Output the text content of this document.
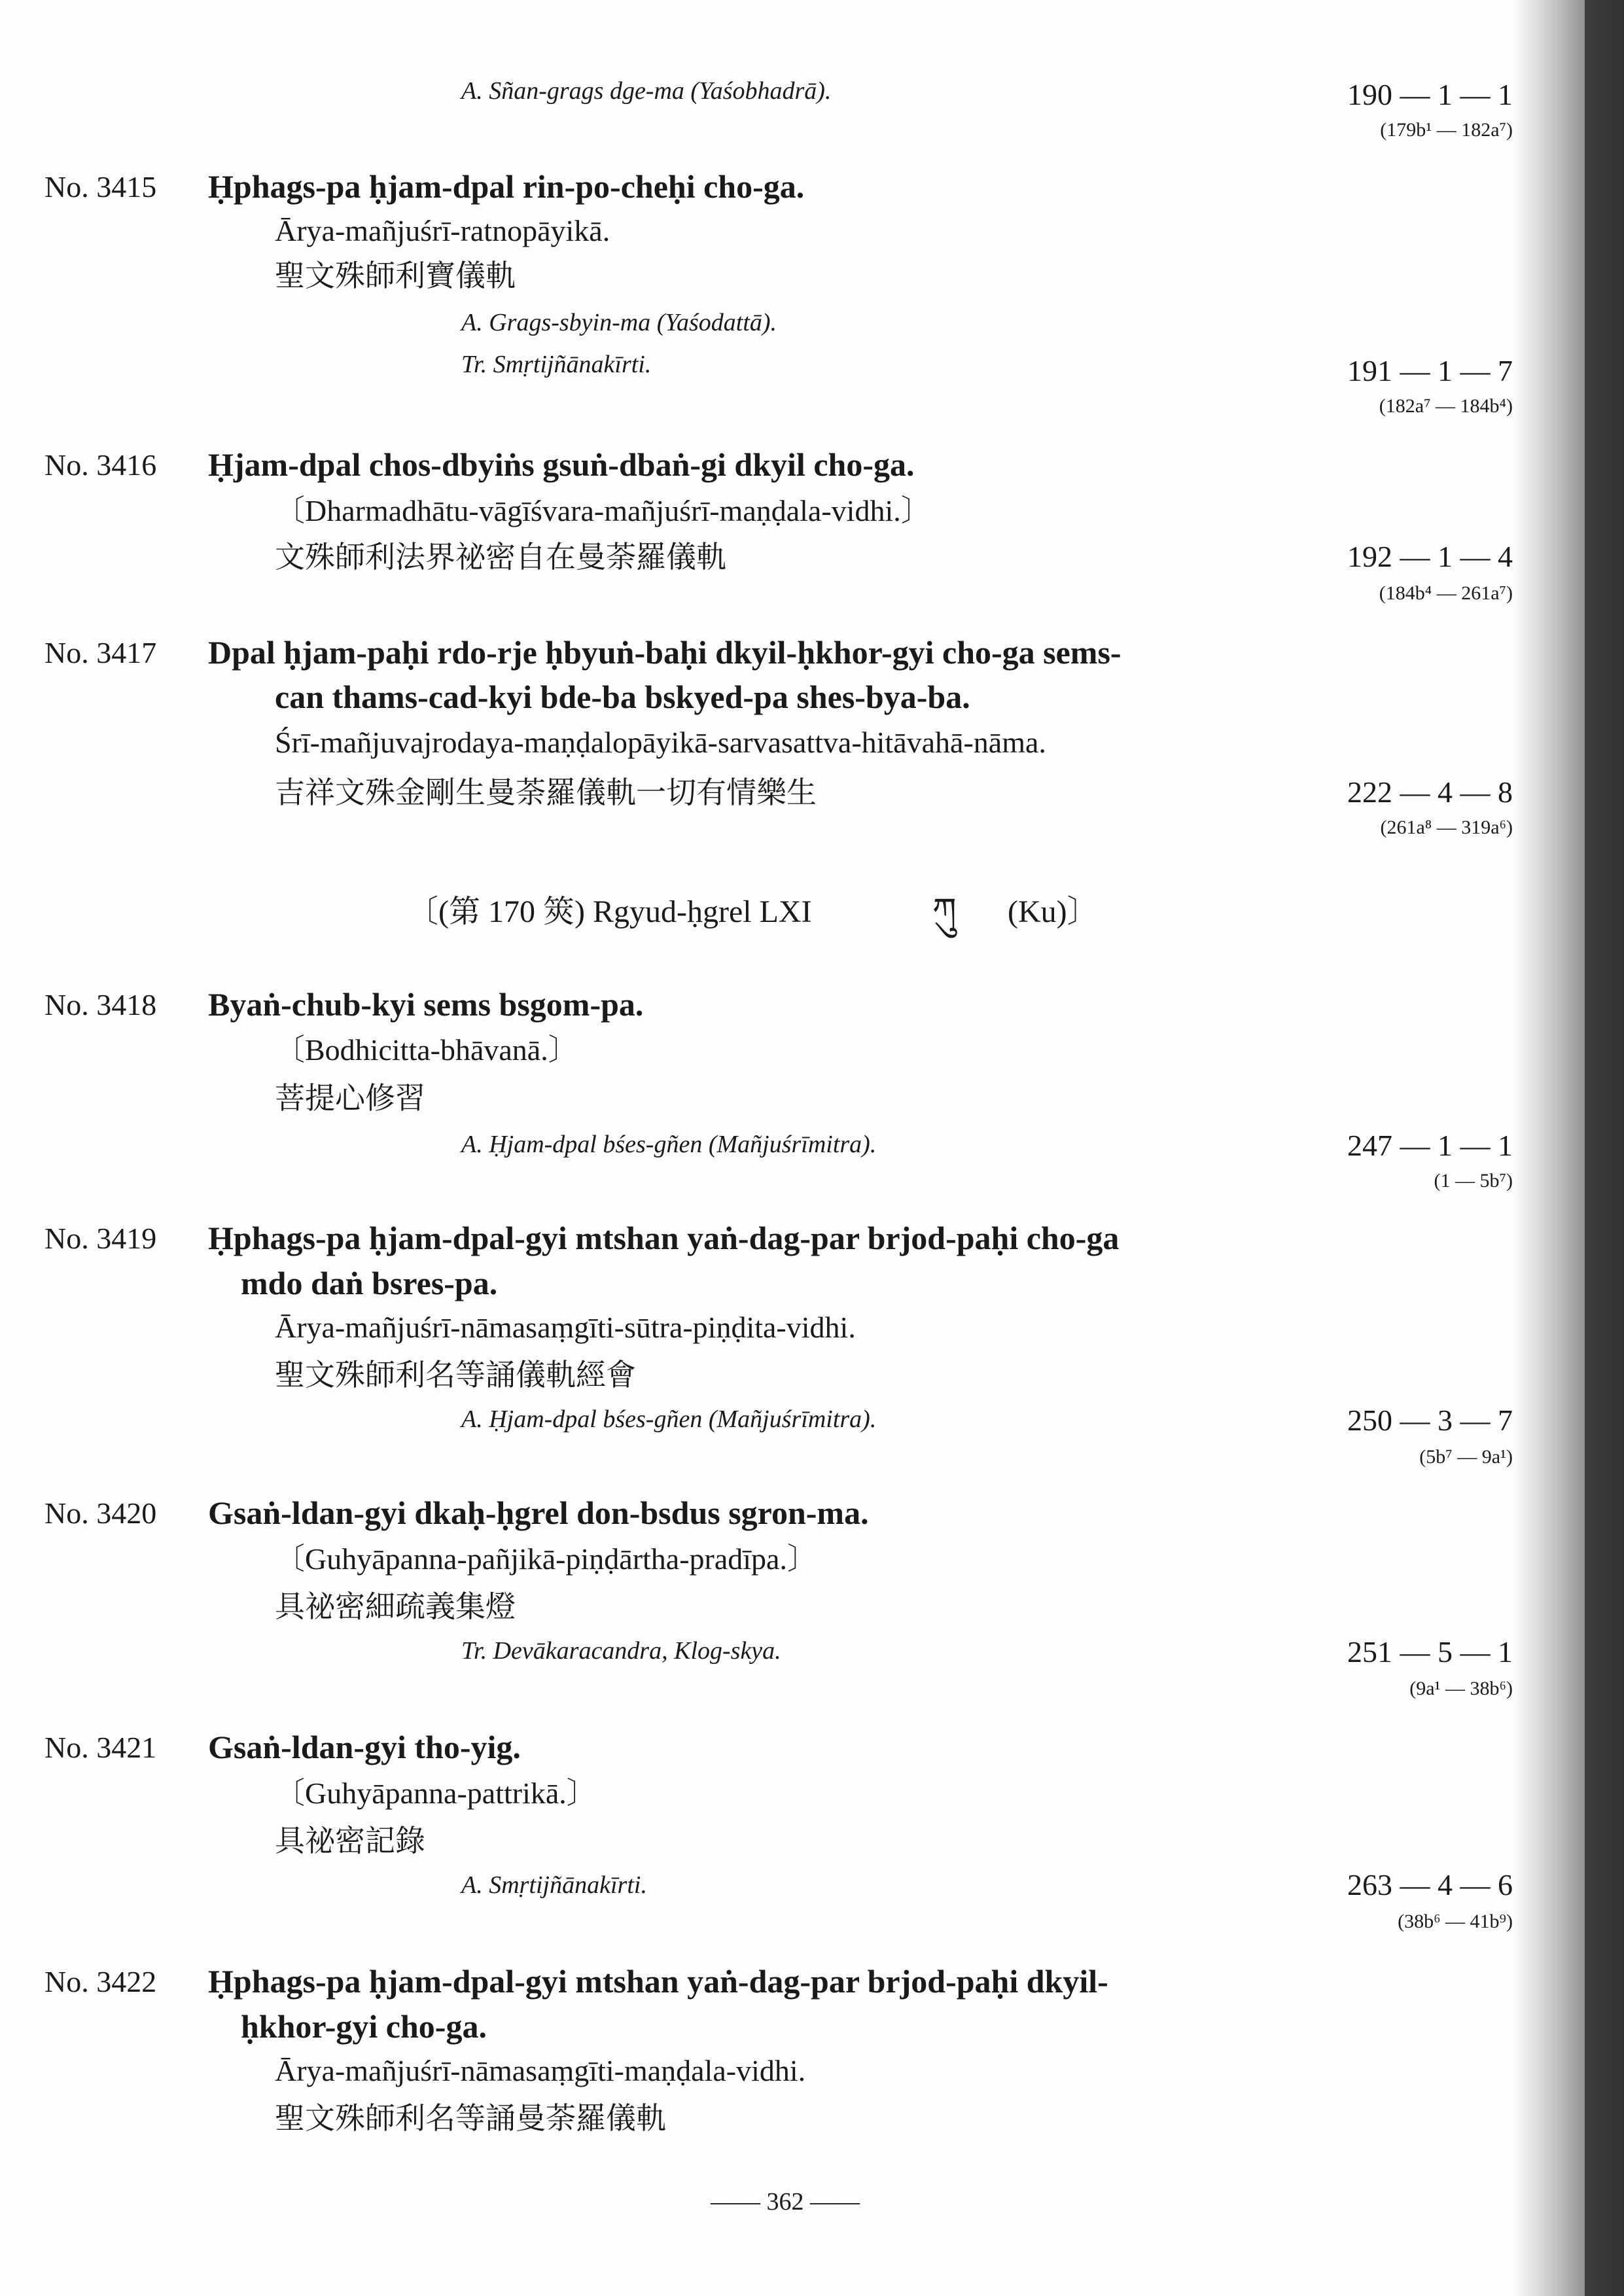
A. Sñan-grags dge-ma (Yaśobhadrā).	190 — 1 — 1
(179b¹ — 182a⁷)
No. 3415 Ḥphags-pa ḥjam-dpal rin-po-cheḥi cho-ga.
Ārya-mañjuśrī-ratnopāyikā.
聖文殊師利寶儀軌
A. Grags-sbyin-ma (Yaśodattā).
Tr. Smṛtijñānakīrti.	191 — 1 — 7
(182a⁷ — 184b⁴)
No. 3416 Ḥjam-dpal chos-dbyiṅs gsuṅ-dbaṅ-gi dkyil cho-ga.
〔Dharmadhātu-vāgīśvara-mañjuśrī-maṇḍala-vidhi.〕
文殊師利法界祕密自在曼荼羅儀軌	192 — 1 — 4
(184b⁴ — 261a⁷)
No. 3417 Dpal ḥjam-paḥi rdo-rje ḥbyuṅ-baḥi dkyil-ḥkhor-gyi cho-ga sems-
can thams-cad-kyi bde-ba bskyed-pa shes-bya-ba.
Śrī-mañjuvajrodaya-maṇḍalopāyikā-sarvasattva-hitāvahā-nāma.
吉祥文殊金剛生曼荼羅儀軌一切有情樂生	222 — 4 — 8
(261a⁸ — 319a⁶)
〔(第 170 筴) Rgyud-ḥgrel LXI	ཀུ (Ku)〕
No. 3418 Byaṅ-chub-kyi sems bsgom-pa.
〔Bodhicitta-bhāvanā.〕
菩提心修習
A. Ḥjam-dpal bśes-gñen (Mañjuśrīmitra).	247 — 1 — 1
(1 — 5b⁷)
No. 3419 Ḥphags-pa ḥjam-dpal-gyi mtshan yaṅ-dag-par brjod-paḥi cho-ga
mdo daṅ bsres-pa.
Ārya-mañjuśrī-nāmasaṃgīti-sūtra-piṇḍita-vidhi.
聖文殊師利名等誦儀軌經會
A. Ḥjam-dpal bśes-gñen (Mañjuśrīmitra).	250 — 3 — 7
(5b⁷ — 9a¹)
No. 3420 Gsaṅ-ldan-gyi dkaḥ-ḥgrel don-bsdus sgron-ma.
〔Guhyāpanna-pañjikā-piṇḍārtha-pradīpa.〕
具祕密細疏義集燈
Tr. Devākaracandra, Klog-skya.	251 — 5 — 1
(9a¹ — 38b⁶)
No. 3421 Gsaṅ-ldan-gyi tho-yig.
〔Guhyāpanna-pattrikā.〕
具祕密記錄
A. Smṛtijñānakīrti.	263 — 4 — 6
(38b⁶ — 41b⁹)
No. 3422 Ḥphags-pa ḥjam-dpal-gyi mtshan yaṅ-dag-par brjod-paḥi dkyil-
ḥkhor-gyi cho-ga.
Ārya-mañjuśrī-nāmasaṃgīti-maṇḍala-vidhi.
聖文殊師利名等誦曼荼羅儀軌
—— 362 ——
